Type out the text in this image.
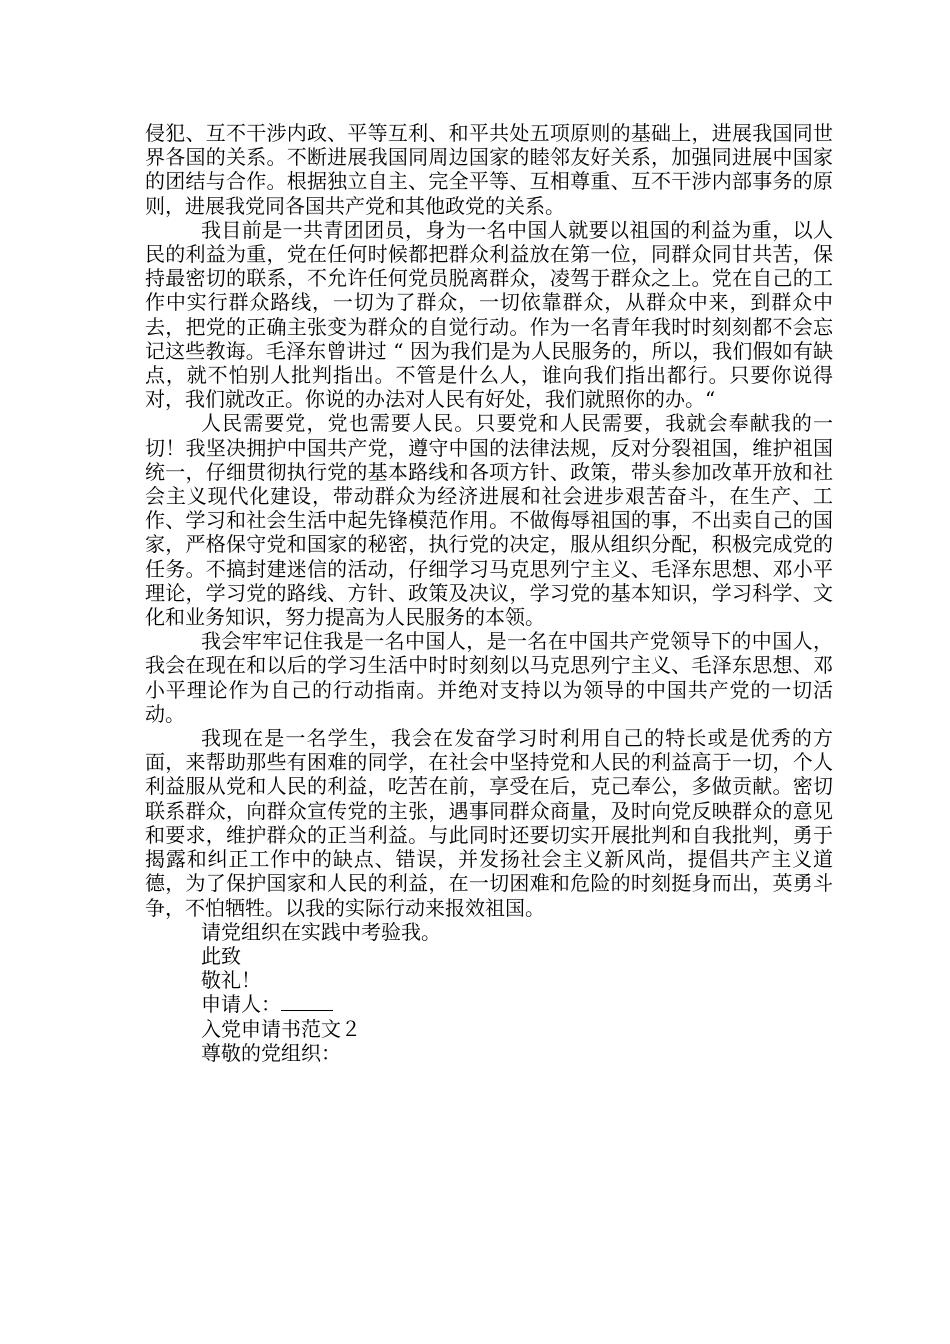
侵犯、互不干涉内政、平等互利、和平共处五项原则的基础上，进展我国同世界各国的关系。不断进展我国同周边国家的睦邻友好关系，加强同进展中国家的团结与合作。根据独立自主、完全平等、互相尊重、互不干涉内部事务的原则，进展我党同各国共产党和其他政党的关系。

我目前是一共青团团员，身为一名中国人就要以祖国的利益为重，以人民的利益为重，党在任何时候都把群众利益放在第一位，同群众同甘共苦，保持最密切的联系，不允许任何党员脱离群众，凌驾于群众之上。党在自己的工作中实行群众路线，一切为了群众，一切依靠群众，从群众中来，到群众中去，把党的正确主张变为群众的自觉行动。作为一名青年我时时刻刻都不会忘记这些教诲。毛泽东曾讲过 “ 因为我们是为人民服务的，所以，我们假如有缺点，就不怕别人批判指出。不管是什么人，谁向我们指出都行。只要你说得对，我们就改正。你说的办法对人民有好处，我们就照你的办。“

人民需要党，党也需要人民。只要党和人民需要，我就会奉献我的一切！我坚决拥护中国共产党，遵守中国的法律法规，反对分裂祖国，维护祖国统一，仔细贯彻执行党的基本路线和各项方针、政策，带头参加改革开放和社会主义现代化建设，带动群众为经济进展和社会进步艰苦奋斗，在生产、工作、学习和社会生活中起先锋模范作用。不做侮辱祖国的事，不出卖自己的国家，严格保守党和国家的秘密，执行党的决定，服从组织分配，积极完成党的任务。不搞封建迷信的活动，仔细学习马克思列宁主义、毛泽东思想、邓小平理论，学习党的路线、方针、政策及决议，学习党的基本知识，学习科学、文化和业务知识，努力提高为人民服务的本领。

我会牢牢记住我是一名中国人，是一名在中国共产党领导下的中国人，我会在现在和以后的学习生活中时时刻刻以马克思列宁主义、毛泽东思想、邓小平理论作为自己的行动指南。并绝对支持以为领导的中国共产党的一切活动。

我现在是一名学生，我会在发奋学习时利用自己的特长或是优秀的方面，来帮助那些有困难的同学，在社会中坚持党和人民的利益高于一切，个人利益服从党和人民的利益，吃苦在前，享受在后，克己奉公，多做贡献。密切联系群众，向群众宣传党的主张，遇事同群众商量，及时向党反映群众的意见和要求，维护群众的正当利益。与此同时还要切实开展批判和自我批判，勇于揭露和纠正工作中的缺点、错误，并发扬社会主义新风尚，提倡共产主义道德，为了保护国家和人民的利益，在一切困难和危险的时刻挺身而出，英勇斗争，不怕牺牲。以我的实际行动来报效祖国。

请党组织在实践中考验我。

此致

敬礼！

申请人：

入党申请书范文２

尊敬的党组织：
